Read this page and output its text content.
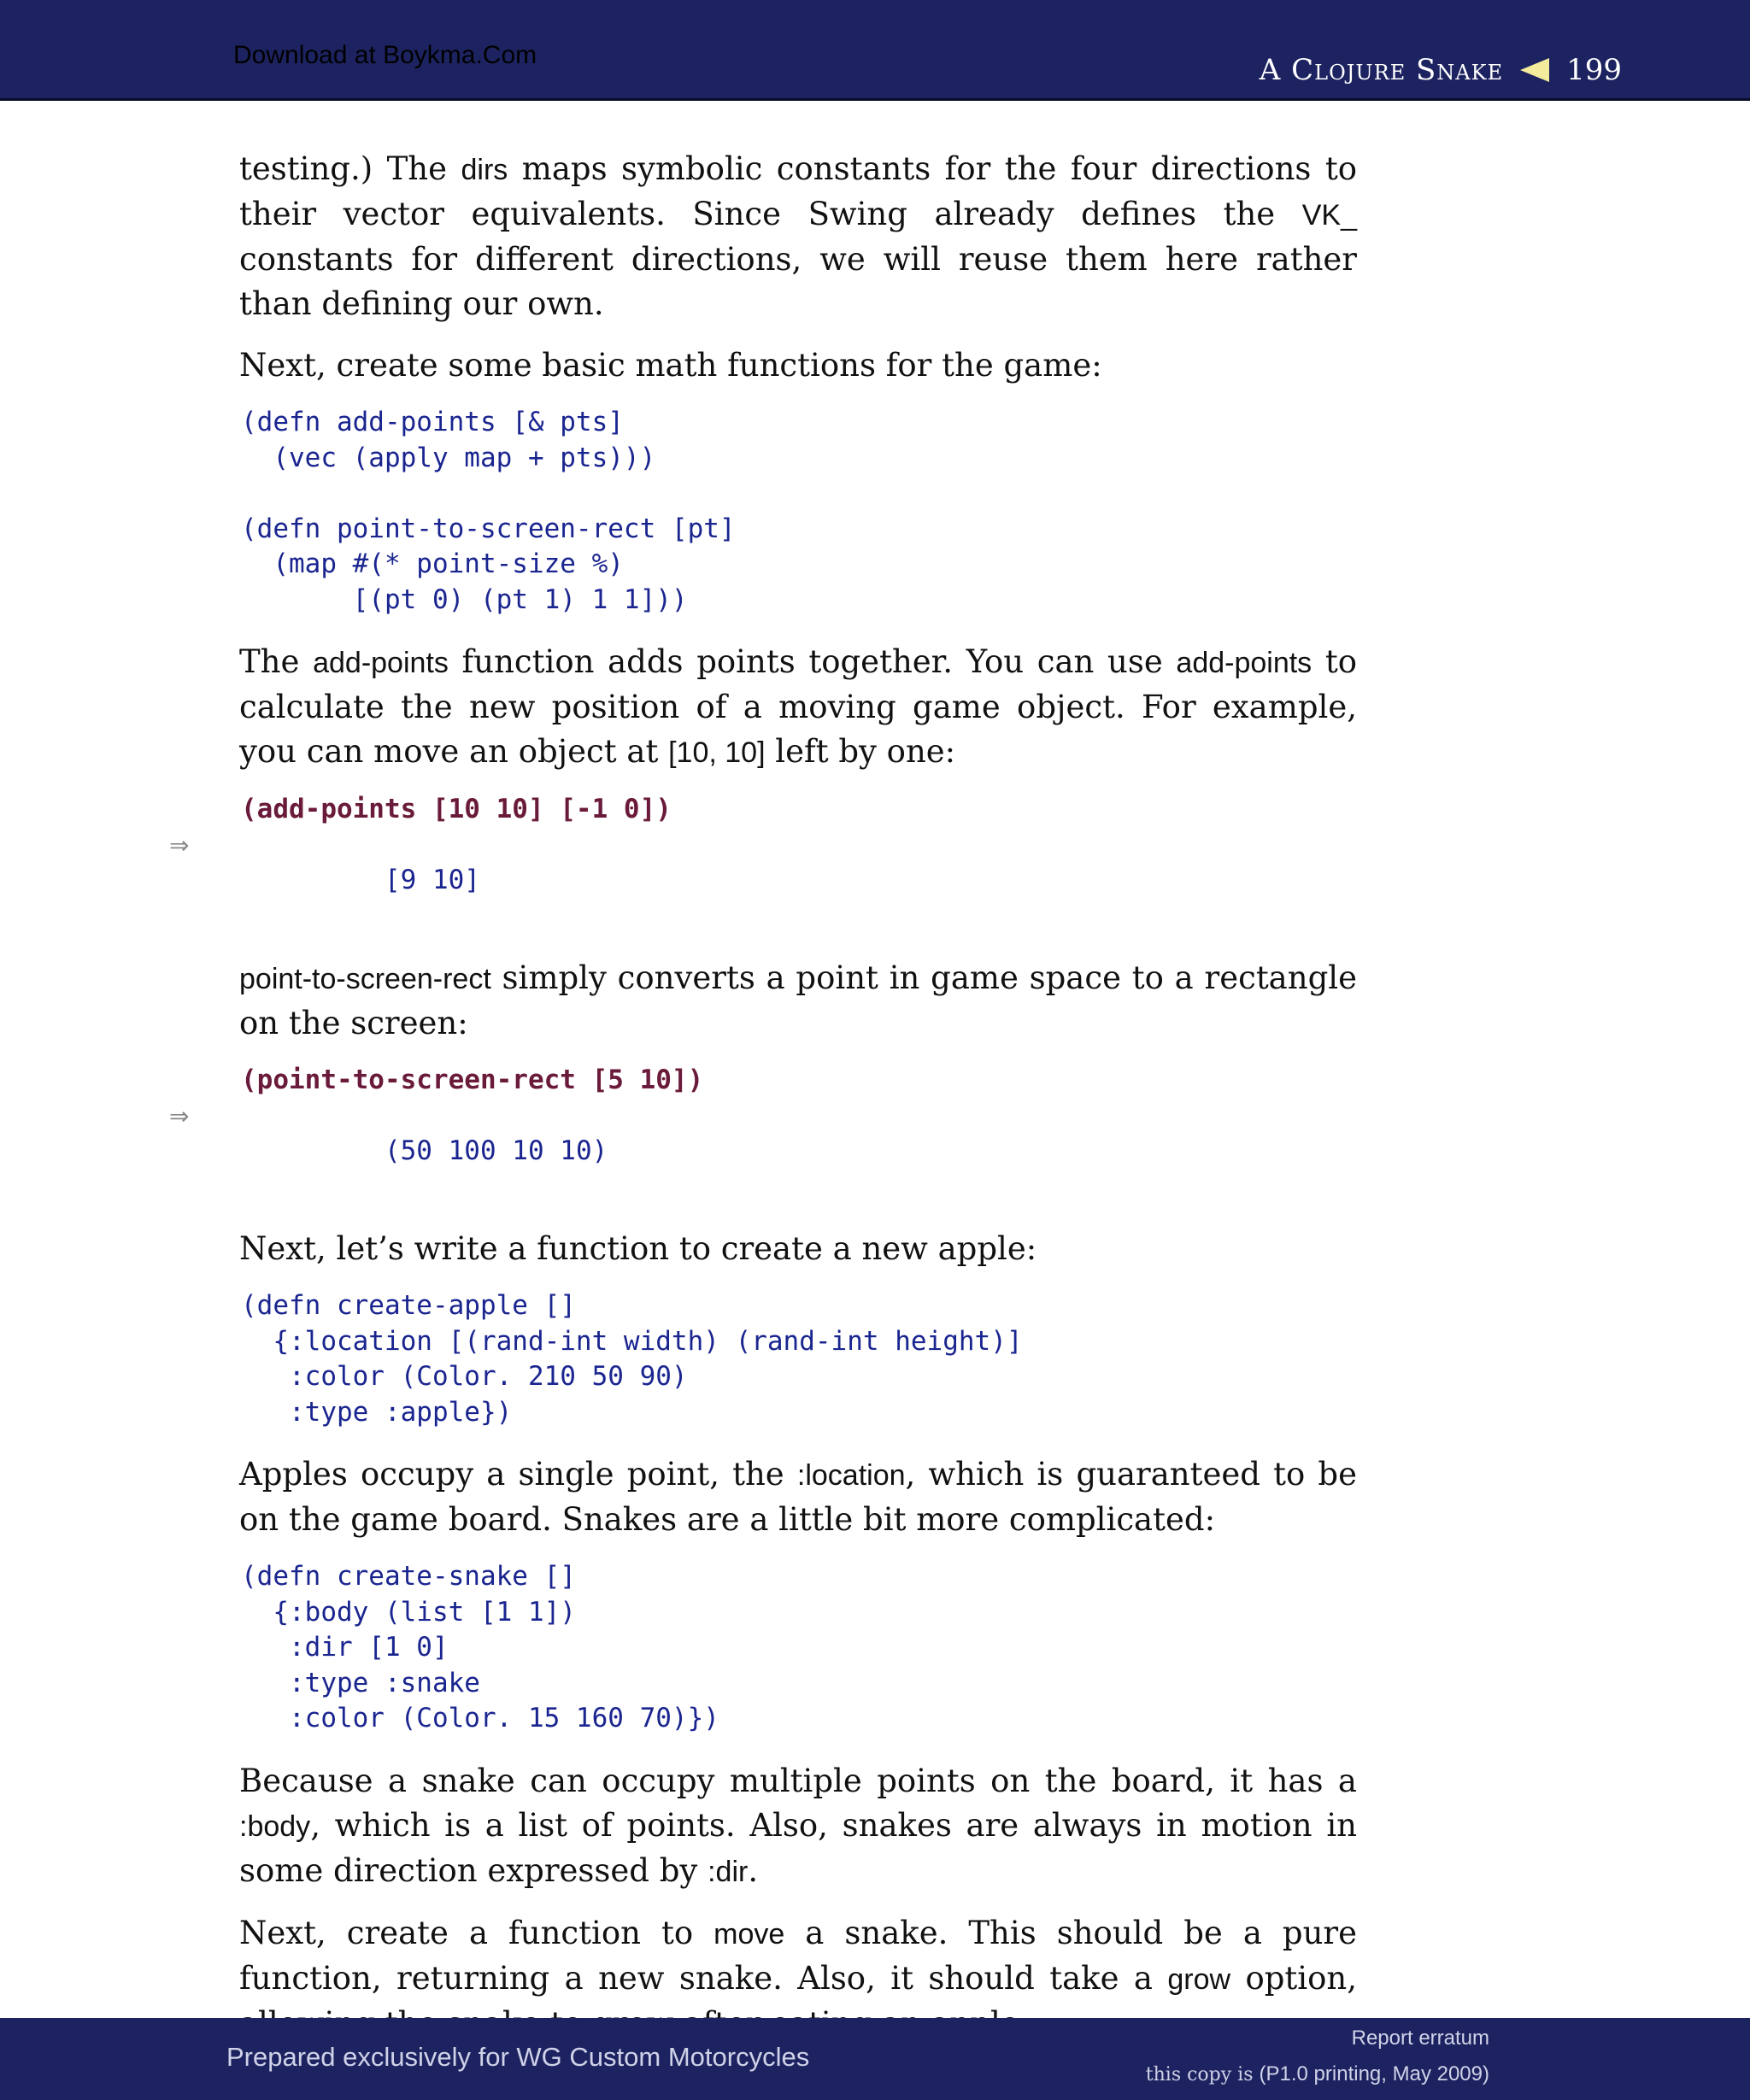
Download at Boykma.Com	A Clojure Snake 199

testing.) The dirs maps symbolic constants for the four directions to their vector equivalents. Since Swing already defines the VK_ constants for different directions, we will reuse them here rather than defining our own.

Next, create some basic math functions for the game:

(defn add-points [& pts]
(vec (apply map + pts)))

(defn point-to-screen-rect [pt]
(map #(* point-size %)
[(pt 0) (pt 1) 1 1]))

The add-points function adds points together. You can use add-points to calculate the new position of a moving game object. For example, you can move an object at [10, 10] left by one:

(add-points [10 10] [-1 0])

⇒
[9 10]

point-to-screen-rect simply converts a point in game space to a rectangle on the screen:

(point-to-screen-rect [5 10])

⇒
(50 100 10 10)

Next, let’s write a function to create a new apple:

(defn create-apple []
{:location [(rand-int width) (rand-int height)]
:color (Color. 210 50 90)
:type :apple})

Apples occupy a single point, the :location, which is guaranteed to be on the game board. Snakes are a little bit more complicated:

(defn create-snake []
{:body (list [1 1])
:dir [1 0]
:type :snake
:color (Color. 15 160 70)})

Because a snake can occupy multiple points on the board, it has a :body, which is a list of points. Also, snakes are always in motion in some direction expressed by :dir.

Next, create a function to move a snake. This should be a pure function, returning a new snake. Also, it should take a grow option,

Prepared exclusively for WG Custom Motorcycles
Report erratum
this copy is (P1.0 printing, May 2009)
